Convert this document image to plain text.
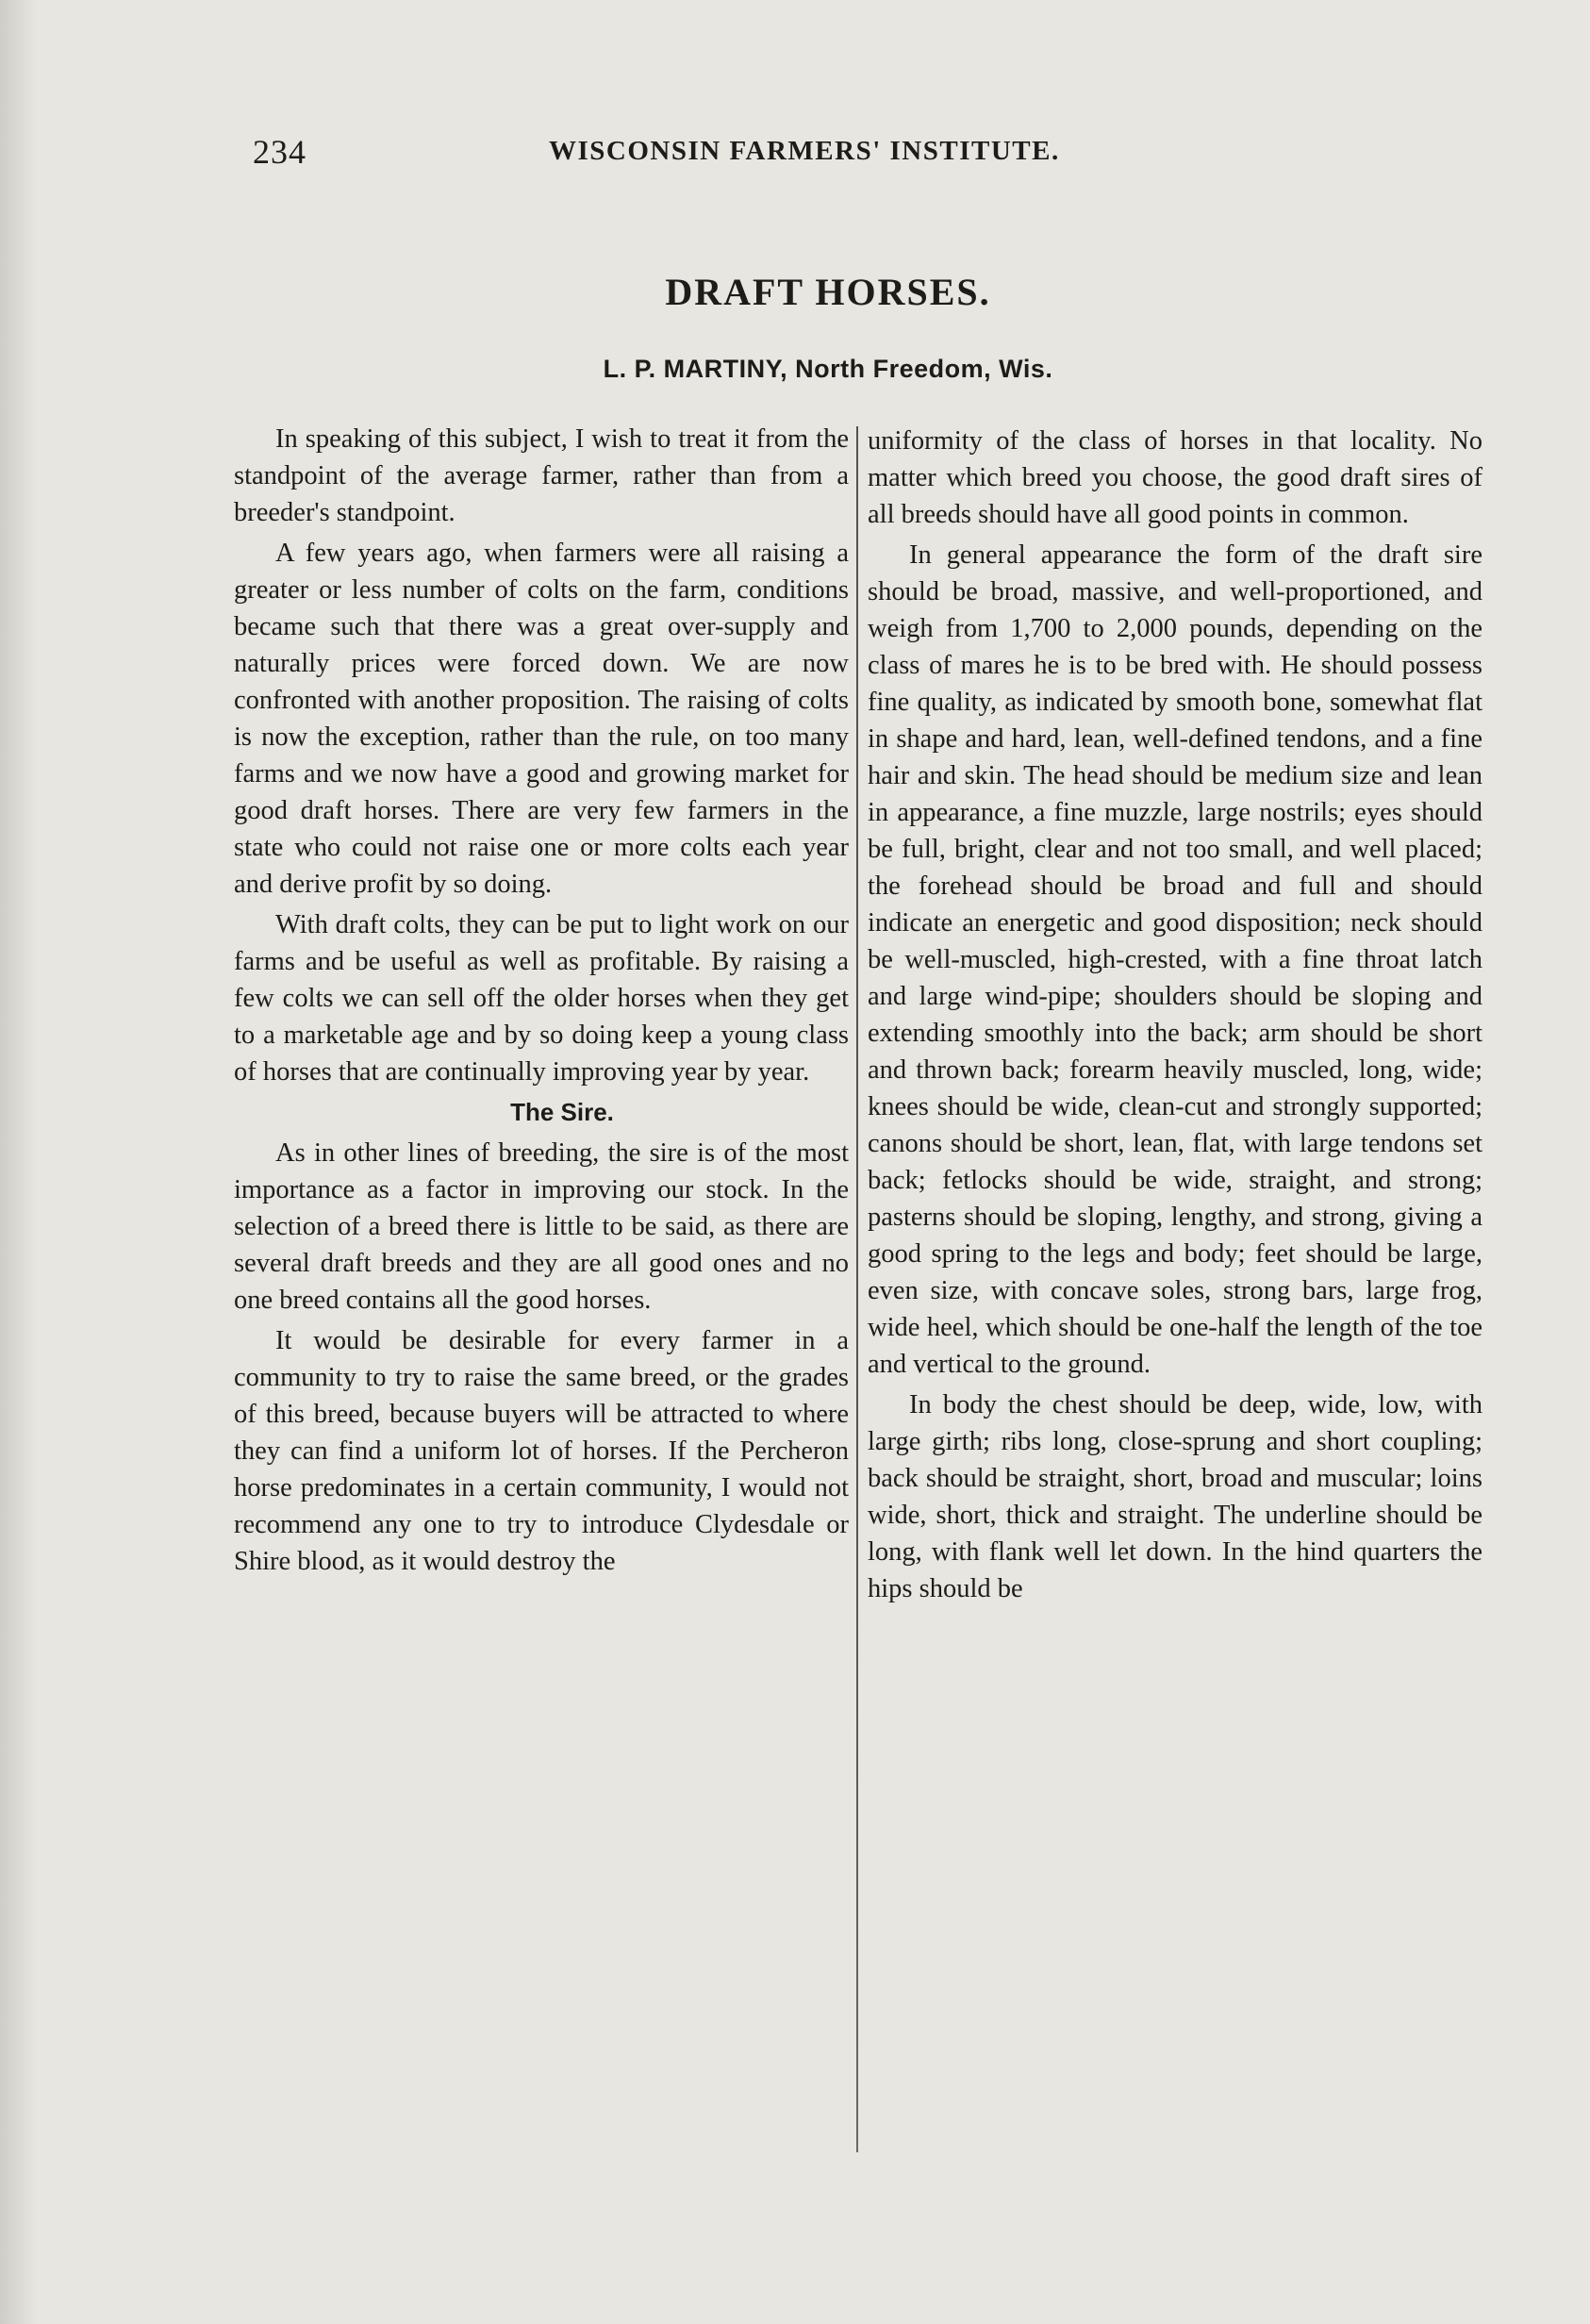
234	WISCONSIN FARMERS' INSTITUTE.
DRAFT HORSES.
L. P. MARTINY, North Freedom, Wis.

In speaking of this subject, I wish to treat it from the standpoint of the average farmer, rather than from a breeder's standpoint.

A few years ago, when farmers were all raising a greater or less number of colts on the farm, conditions became such that there was a great over-supply and naturally prices were forced down. We are now confronted with another proposition. The raising of colts is now the exception, rather than the rule, on too many farms and we now have a good and growing market for good draft horses. There are very few farmers in the state who could not raise one or more colts each year and derive profit by so doing.

With draft colts, they can be put to light work on our farms and be useful as well as profitable. By raising a few colts we can sell off the older horses when they get to a marketable age and by so doing keep a young class of horses that are continually improving year by year.

The Sire.

As in other lines of breeding, the sire is of the most importance as a factor in improving our stock. In the selection of a breed there is little to be said, as there are several draft breeds and they are all good ones and no one breed contains all the good horses.

It would be desirable for every farmer in a community to try to raise the same breed, or the grades of this breed, because buyers will be attracted to where they can find a uniform lot of horses. If the Percheron horse predominates in a certain community, I would not recommend any one to try to introduce Clydesdale or Shire blood, as it would destroy the

uniformity of the class of horses in that locality. No matter which breed you choose, the good draft sires of all breeds should have all good points in common.

In general appearance the form of the draft sire should be broad, massive, and well-proportioned, and weigh from 1,700 to 2,000 pounds, depending on the class of mares he is to be bred with. He should possess fine quality, as indicated by smooth bone, somewhat flat in shape and hard, lean, well-defined tendons, and a fine hair and skin. The head should be medium size and lean in appearance, a fine muzzle, large nostrils; eyes should be full, bright, clear and not too small, and well placed; the forehead should be broad and full and should indicate an energetic and good disposition; neck should be well-muscled, high-crested, with a fine throat latch and large wind-pipe; shoulders should be sloping and extending smoothly into the back; arm should be short and thrown back; forearm heavily muscled, long, wide; knees should be wide, clean-cut and strongly supported; canons should be short, lean, flat, with large tendons set back; fetlocks should be wide, straight, and strong; pasterns should be sloping, lengthy, and strong, giving a good spring to the legs and body; feet should be large, even size, with concave soles, strong bars, large frog, wide heel, which should be one-half the length of the toe and vertical to the ground.

In body the chest should be deep, wide, low, with large girth; ribs long, close-sprung and short coupling; back should be straight, short, broad and muscular; loins wide, short, thick and straight. The underline should be long, with flank well let down. In the hind quarters the hips should be
